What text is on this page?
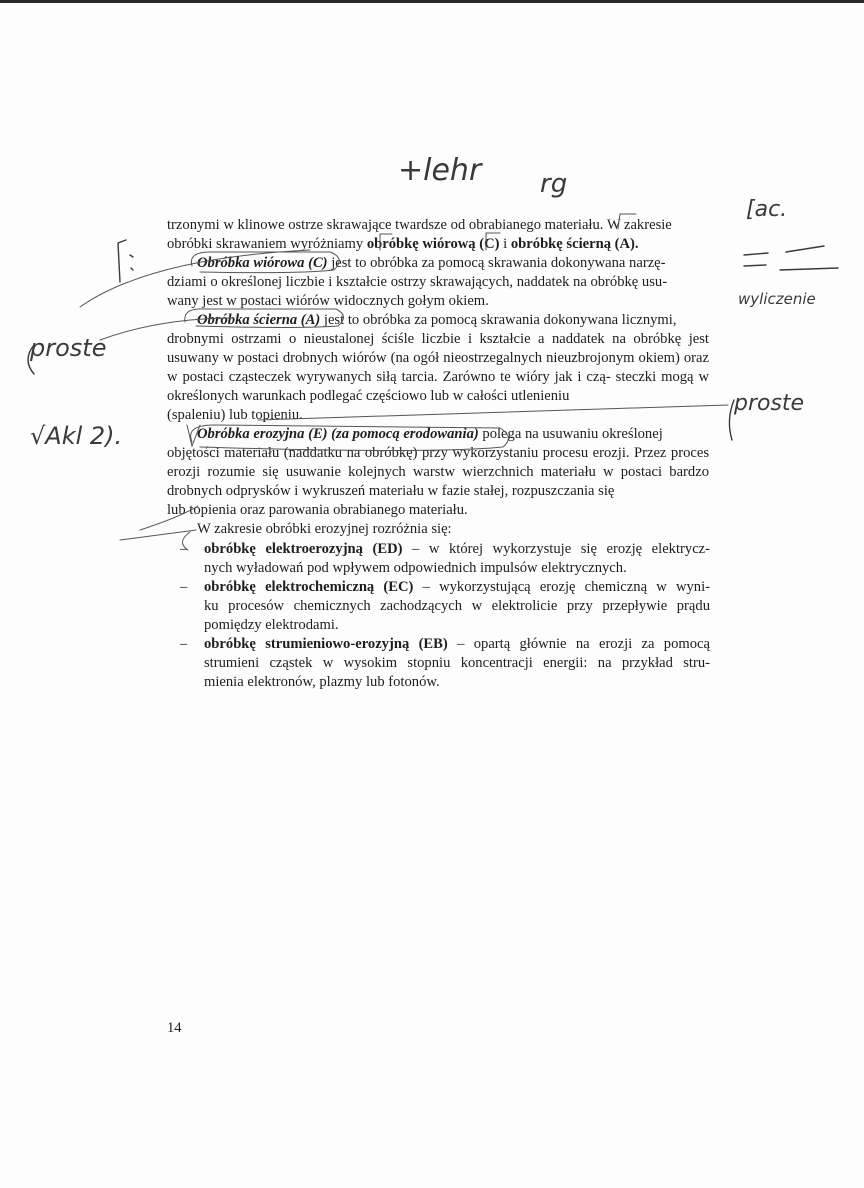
trzonymi w klinowe ostrze skrawające twardsze od obrabianego materiału. W zakresie
obróbki skrawaniem wyróżniamy obróbkę wiórową (C) i obróbkę ścierną (A).
Obróbka wiórowa (C) jest to obróbka za pomocą skrawania dokonywana narzę-
dziami o określonej liczbie i kształcie ostrzy skrawających, naddatek na obróbkę usu-
wany jest w postaci wiórów widocznych gołym okiem.
Obróbka ścierna (A) jest to obróbka za pomocą skrawania dokonywana licznymi,
drobnymi ostrzami o nieustalonej ściśle liczbie i kształcie a naddatek na obróbkę jest usuwany w postaci drobnych wiórów (na ogół nieostrzegalnych nieuzbrojonym okiem) oraz w postaci cząsteczek wyrywanych siłą tarcia. Zarówno te wióry jak i czą- steczki mogą w określonych warunkach podlegać częściowo lub w całości utlenieniu
(spaleniu) lub topieniu.
Obróbka erozyjna (E) (za pomocą erodowania) polega na usuwaniu określonej
objętości materiału (naddatku na obróbkę) przy wykorzystaniu procesu erozji. Przez proces erozji rozumie się usuwanie kolejnych warstw wierzchnich materiału w postaci bardzo drobnych odprysków i wykruszeń materiału w fazie stałej, rozpuszczania się
lub topienia oraz parowania obrabianego materiału.
W zakresie obróbki erozyjnej rozróżnia się:
– obróbkę elektroerozyjną (ED) – w której wykorzystuje się erozję elektrycz-
nych wyładowań pod wpływem odpowiednich impulsów elektrycznych.
– obróbkę elektrochemiczną (EC) – wykorzystującą erozję chemiczną w wyni-
ku procesów chemicznych zachodzących w elektrolicie przy przepływie prądu
pomiędzy elektrodami.
– obróbkę strumieniowo-erozyjną (EB) – opartą głównie na erozji za pomocą
strumieni cząstek w wysokim stopniu koncentracji energii: na przykład stru-
mienia elektronów, plazmy lub fotonów.
14
+lehr rg
[ac.
wyliczenie
proste
proste
√Akl 2).
